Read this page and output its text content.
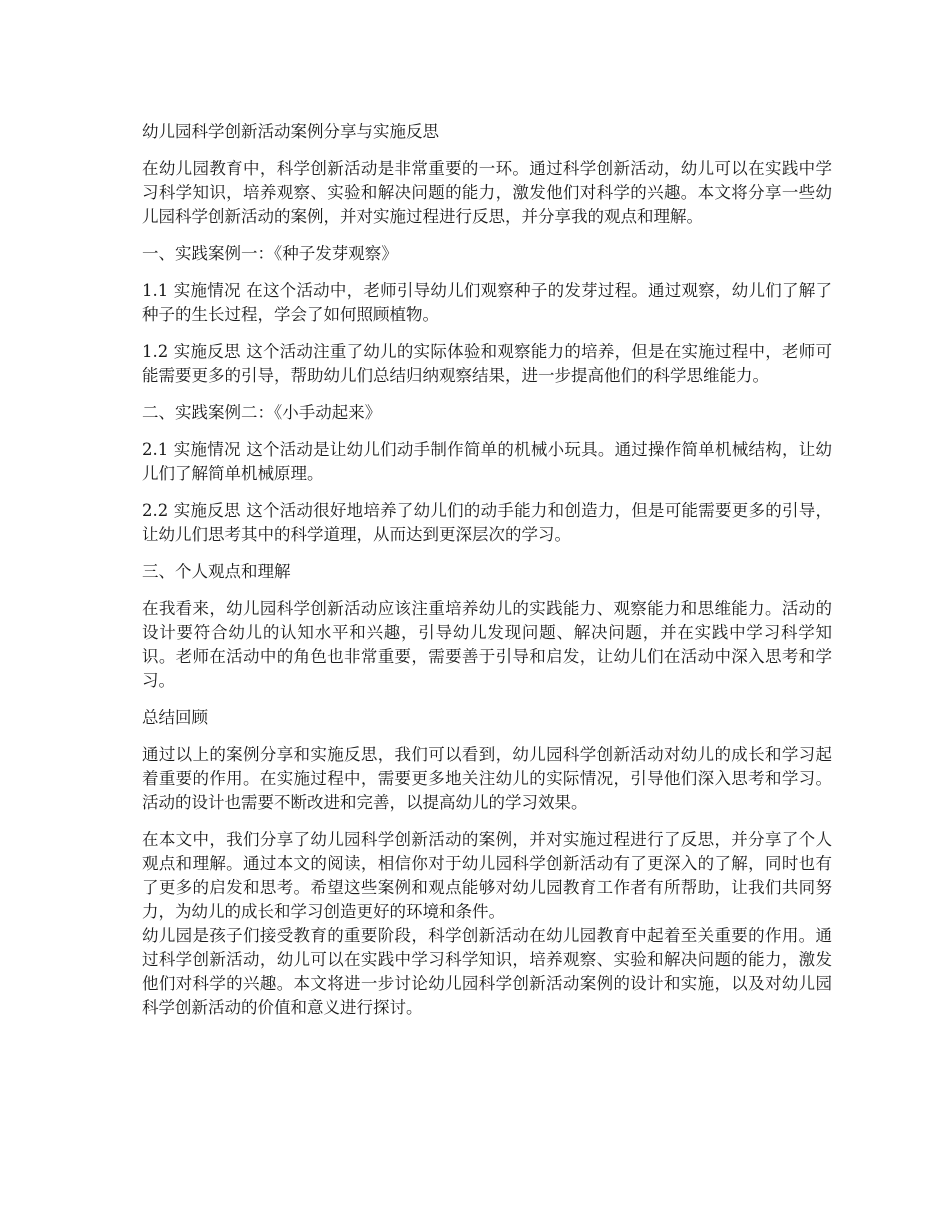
幼儿园科学创新活动案例分享与实施反思

在幼儿园教育中，科学创新活动是非常重要的一环。通过科学创新活动，幼儿可以在实践中学习科学知识，培养观察、实验和解决问题的能力，激发他们对科学的兴趣。本文将分享一些幼儿园科学创新活动的案例，并对实施过程进行反思，并分享我的观点和理解。

一、实践案例一：《种子发芽观察》

1.1 实施情况 在这个活动中，老师引导幼儿们观察种子的发芽过程。通过观察，幼儿们了解了种子的生长过程，学会了如何照顾植物。

1.2 实施反思 这个活动注重了幼儿的实际体验和观察能力的培养，但是在实施过程中，老师可能需要更多的引导，帮助幼儿们总结归纳观察结果，进一步提高他们的科学思维能力。

二、实践案例二：《小手动起来》

2.1 实施情况 这个活动是让幼儿们动手制作简单的机械小玩具。通过操作简单机械结构，让幼儿们了解简单机械原理。

2.2 实施反思 这个活动很好地培养了幼儿们的动手能力和创造力，但是可能需要更多的引导，让幼儿们思考其中的科学道理，从而达到更深层次的学习。

三、个人观点和理解

在我看来，幼儿园科学创新活动应该注重培养幼儿的实践能力、观察能力和思维能力。活动的设计要符合幼儿的认知水平和兴趣，引导幼儿发现问题、解决问题，并在实践中学习科学知识。老师在活动中的角色也非常重要，需要善于引导和启发，让幼儿们在活动中深入思考和学习。

总结回顾

通过以上的案例分享和实施反思，我们可以看到，幼儿园科学创新活动对幼儿的成长和学习起着重要的作用。在实施过程中，需要更多地关注幼儿的实际情况，引导他们深入思考和学习。活动的设计也需要不断改进和完善，以提高幼儿的学习效果。

在本文中，我们分享了幼儿园科学创新活动的案例，并对实施过程进行了反思，并分享了个人观点和理解。通过本文的阅读，相信你对于幼儿园科学创新活动有了更深入的了解，同时也有了更多的启发和思考。希望这些案例和观点能够对幼儿园教育工作者有所帮助，让我们共同努力，为幼儿的成长和学习创造更好的环境和条件。

幼儿园是孩子们接受教育的重要阶段，科学创新活动在幼儿园教育中起着至关重要的作用。通过科学创新活动，幼儿可以在实践中学习科学知识，培养观察、实验和解决问题的能力，激发他们对科学的兴趣。本文将进一步讨论幼儿园科学创新活动案例的设计和实施，以及对幼儿园科学创新活动的价值和意义进行探讨。
